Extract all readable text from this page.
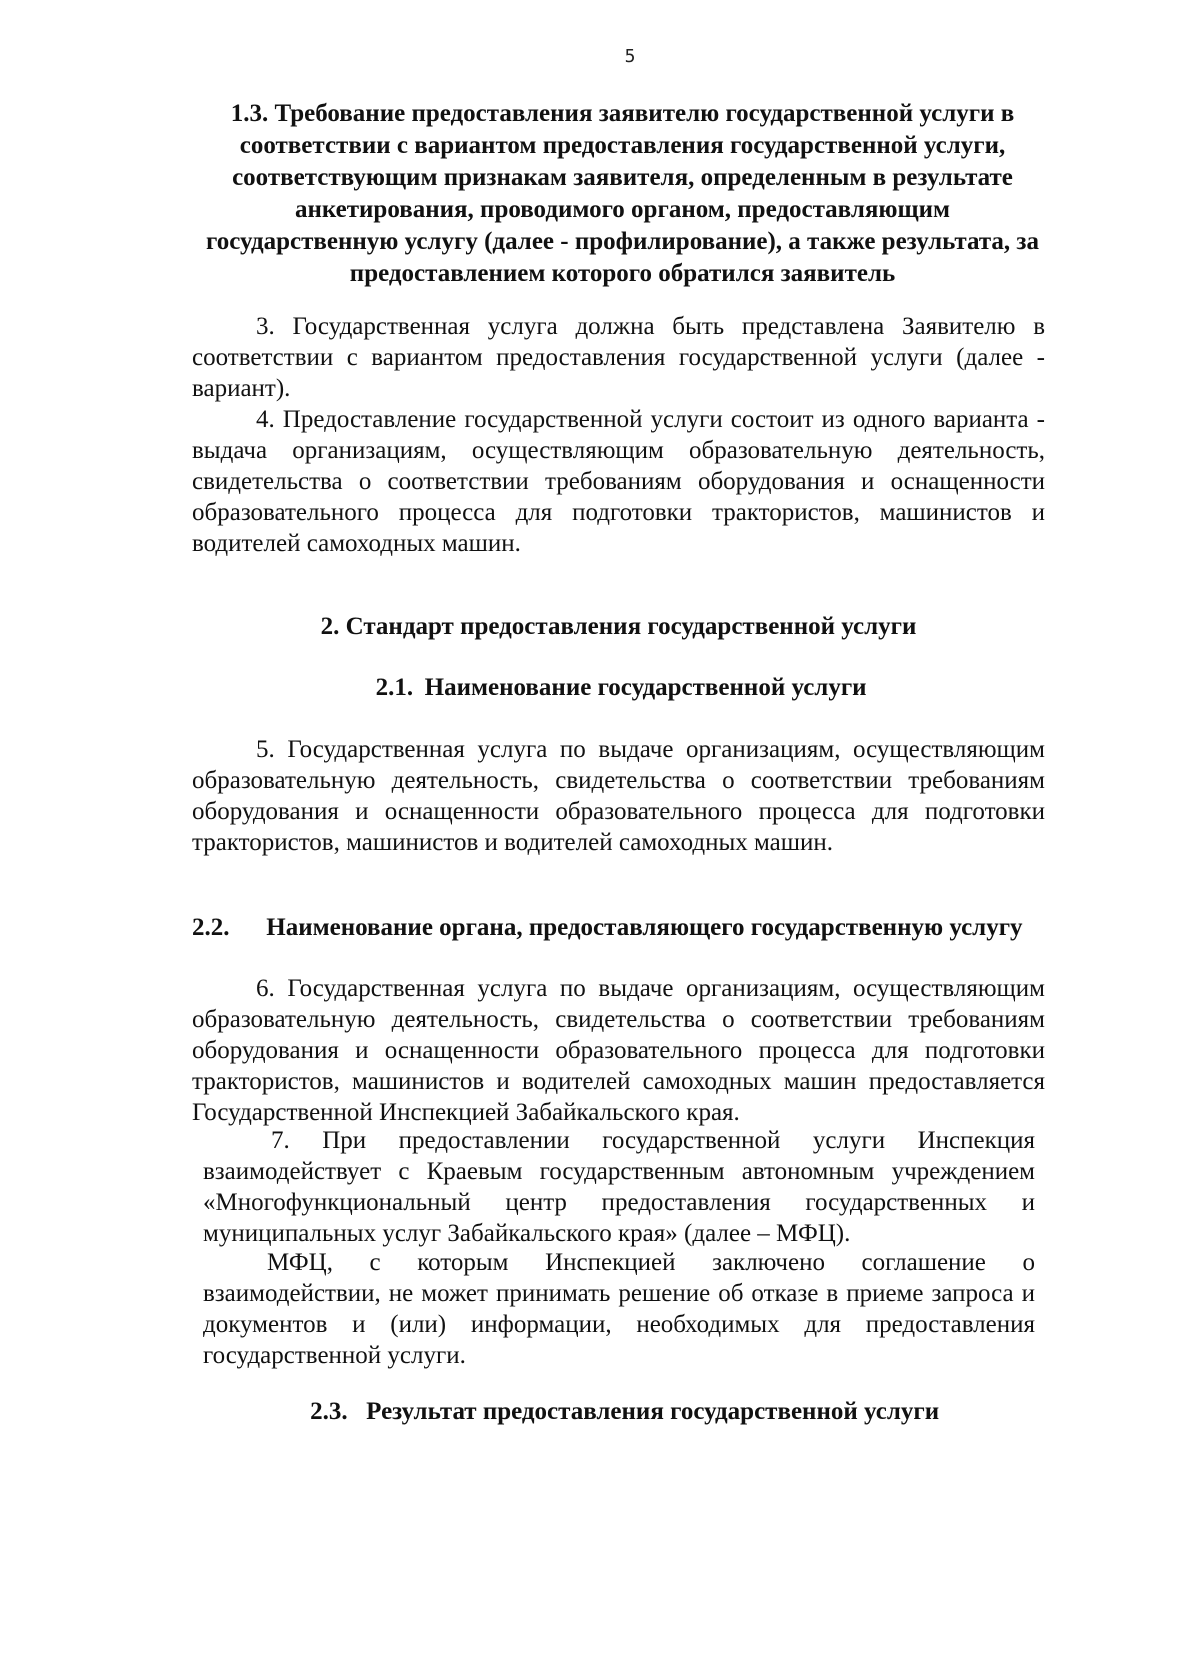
5

1.3. Требование предоставления заявителю государственной услуги в соответствии с вариантом предоставления государственной услуги, соответствующим признакам заявителя, определенным в результате анкетирования, проводимого органом, предоставляющим государственную услугу (далее - профилирование), а также результата, за предоставлением которого обратился заявитель

3. Государственная услуга должна быть представлена Заявителю в соответствии с вариантом предоставления государственной услуги (далее - вариант).

4. Предоставление государственной услуги состоит из одного варианта - выдача организациям, осуществляющим образовательную деятельность, свидетельства о соответствии требованиям оборудования и оснащенности образовательного процесса для подготовки трактористов, машинистов и водителей самоходных машин.

2. Стандарт предоставления государственной услуги

2.1. Наименование государственной услуги

5. Государственная услуга по выдаче организациям, осуществляющим образовательную деятельность, свидетельства о соответствии требованиям оборудования и оснащенности образовательного процесса для подготовки трактористов, машинистов и водителей самоходных машин.

2.2. Наименование органа, предоставляющего государственную услугу

6. Государственная услуга по выдаче организациям, осуществляющим образовательную деятельность, свидетельства о соответствии требованиям оборудования и оснащенности образовательного процесса для подготовки трактористов, машинистов и водителей самоходных машин предоставляется Государственной Инспекцией Забайкальского края.

7. При предоставлении государственной услуги Инспекция взаимодействует с Краевым государственным автономным учреждением «Многофункциональный центр предоставления государственных и муниципальных услуг Забайкальского края» (далее – МФЦ).

МФЦ, с которым Инспекцией заключено соглашение о взаимодействии, не может принимать решение об отказе в приеме запроса и документов и (или) информации, необходимых для предоставления государственной услуги.

2.3. Результат предоставления государственной услуги
